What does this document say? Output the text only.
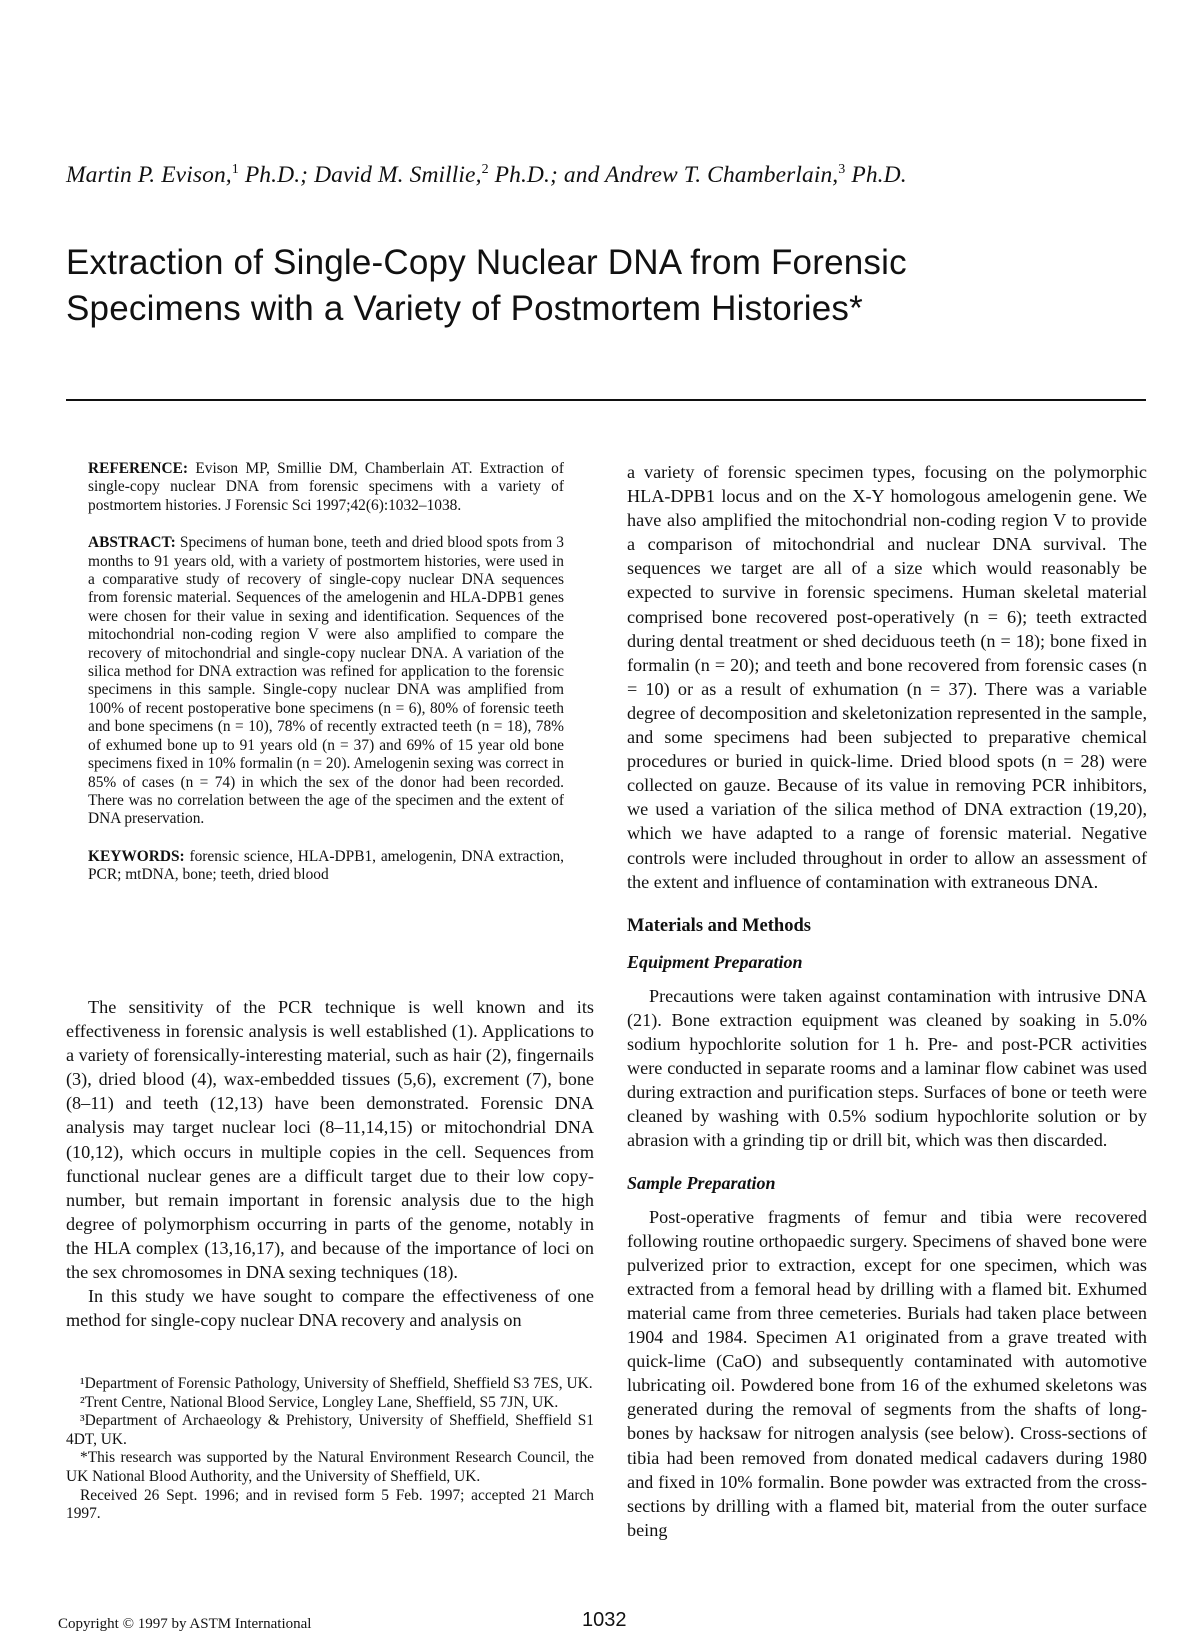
Martin P. Evison,$^1$ Ph.D.; David M. Smillie,$^2$ Ph.D.; and Andrew T. Chamberlain,$^3$ Ph.D.
Extraction of Single-Copy Nuclear DNA from Forensic
Specimens with a Variety of Postmortem Histories*

REFERENCE: Evison MP, Smillie DM, Chamberlain AT. Extraction of single-copy nuclear DNA from forensic specimens with a variety of postmortem histories. J Forensic Sci 1997;42(6):1032–1038.

ABSTRACT: Specimens of human bone, teeth and dried blood spots from 3 months to 91 years old, with a variety of postmortem histories, were used in a comparative study of recovery of single-copy nuclear DNA sequences from forensic material. Sequences of the amelogenin and HLA-DPB1 genes were chosen for their value in sexing and identification. Sequences of the mitochondrial non-coding region V were also amplified to compare the recovery of mitochondrial and single-copy nuclear DNA. A variation of the silica method for DNA extraction was refined for application to the forensic specimens in this sample. Single-copy nuclear DNA was amplified from 100% of recent postoperative bone specimens (n = 6), 80% of forensic teeth and bone specimens (n = 10), 78% of recently extracted teeth (n = 18), 78% of exhumed bone up to 91 years old (n = 37) and 69% of 15 year old bone specimens fixed in 10% formalin (n = 20). Amelogenin sexing was correct in 85% of cases (n = 74) in which the sex of the donor had been recorded. There was no correlation between the age of the specimen and the extent of DNA preservation.

KEYWORDS: forensic science, HLA-DPB1, amelogenin, DNA extraction, PCR; mtDNA, bone; teeth, dried blood

The sensitivity of the PCR technique is well known and its effectiveness in forensic analysis is well established (1). Applications to a variety of forensically-interesting material, such as hair (2), fingernails (3), dried blood (4), wax-embedded tissues (5,6), excrement (7), bone (8–11) and teeth (12,13) have been demonstrated. Forensic DNA analysis may target nuclear loci (8–11,14,15) or mitochondrial DNA (10,12), which occurs in multiple copies in the cell. Sequences from functional nuclear genes are a difficult target due to their low copy-number, but remain important in forensic analysis due to the high degree of polymorphism occurring in parts of the genome, notably in the HLA complex (13,16,17), and because of the importance of loci on the sex chromosomes in DNA sexing techniques (18).

In this study we have sought to compare the effectiveness of one method for single-copy nuclear DNA recovery and analysis on

¹Department of Forensic Pathology, University of Sheffield, Sheffield S3 7ES, UK.

²Trent Centre, National Blood Service, Longley Lane, Sheffield, S5 7JN, UK.

³Department of Archaeology & Prehistory, University of Sheffield, Sheffield S1 4DT, UK.

*This research was supported by the Natural Environment Research Council, the UK National Blood Authority, and the University of Sheffield, UK.

Received 26 Sept. 1996; and in revised form 5 Feb. 1997; accepted 21 March 1997.

a variety of forensic specimen types, focusing on the polymorphic HLA-DPB1 locus and on the X-Y homologous amelogenin gene. We have also amplified the mitochondrial non-coding region V to provide a comparison of mitochondrial and nuclear DNA survival. The sequences we target are all of a size which would reasonably be expected to survive in forensic specimens. Human skeletal material comprised bone recovered post-operatively (n = 6); teeth extracted during dental treatment or shed deciduous teeth (n = 18); bone fixed in formalin (n = 20); and teeth and bone recovered from forensic cases (n = 10) or as a result of exhumation (n = 37). There was a variable degree of decomposition and skeletonization represented in the sample, and some specimens had been subjected to preparative chemical procedures or buried in quick-lime. Dried blood spots (n = 28) were collected on gauze. Because of its value in removing PCR inhibitors, we used a variation of the silica method of DNA extraction (19,20), which we have adapted to a range of forensic material. Negative controls were included throughout in order to allow an assessment of the extent and influence of contamination with extraneous DNA.

Materials and Methods
Equipment Preparation

Precautions were taken against contamination with intrusive DNA (21). Bone extraction equipment was cleaned by soaking in 5.0% sodium hypochlorite solution for 1 h. Pre- and post-PCR activities were conducted in separate rooms and a laminar flow cabinet was used during extraction and purification steps. Surfaces of bone or teeth were cleaned by washing with 0.5% sodium hypochlorite solution or by abrasion with a grinding tip or drill bit, which was then discarded.

Sample Preparation

Post-operative fragments of femur and tibia were recovered following routine orthopaedic surgery. Specimens of shaved bone were pulverized prior to extraction, except for one specimen, which was extracted from a femoral head by drilling with a flamed bit. Exhumed material came from three cemeteries. Burials had taken place between 1904 and 1984. Specimen A1 originated from a grave treated with quick-lime (CaO) and subsequently contaminated with automotive lubricating oil. Powdered bone from 16 of the exhumed skeletons was generated during the removal of segments from the shafts of long-bones by hacksaw for nitrogen analysis (see below). Cross-sections of tibia had been removed from donated medical cadavers during 1980 and fixed in 10% formalin. Bone powder was extracted from the cross-sections by drilling with a flamed bit, material from the outer surface being

Copyright © 1997 by ASTM International	1032
